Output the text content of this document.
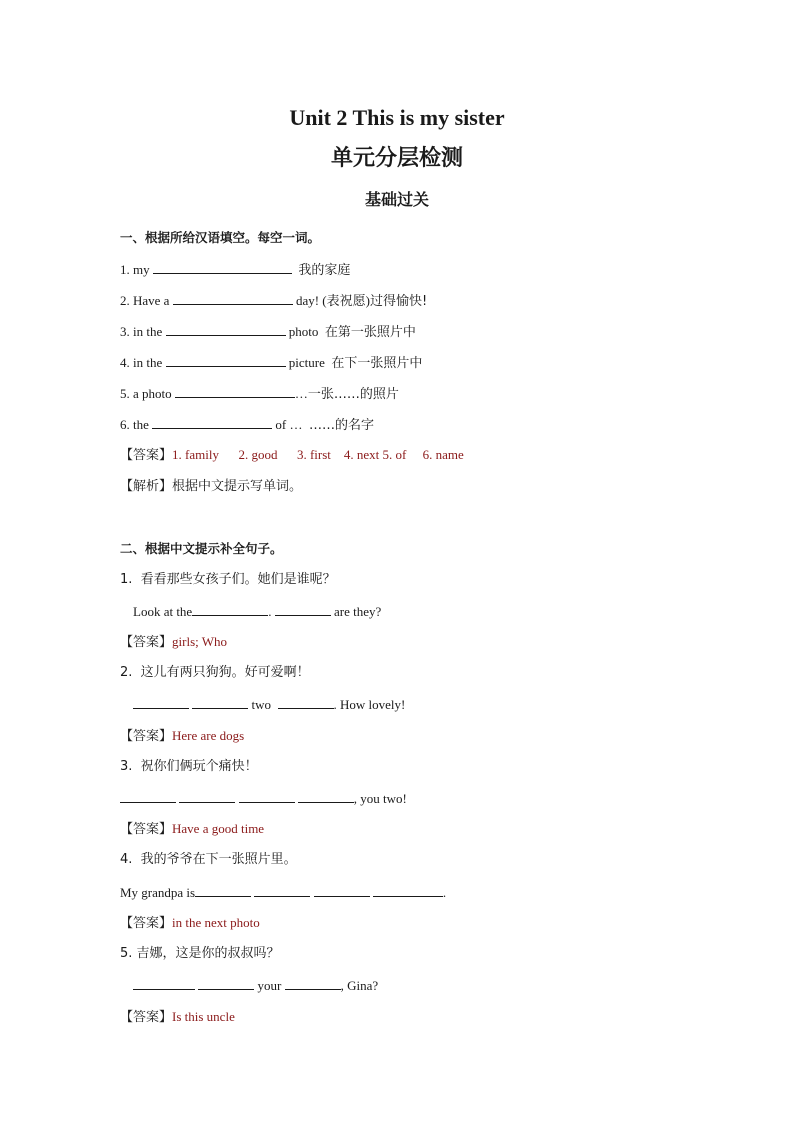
Unit 2 This is my sister
单元分层检测
基础过关
一、根据所给汉语填空。每空一词。
1. my	我的家庭
2. Have a	day! (表祝愿)过得愉快!
3. in the	photo  在第一张照片中
4. in the	picture  在下一张照片中
5. a photo	…一张……的照片
6. the	of …  ……的名字
【答案】1. family      2. good      3. first    4. next 5. of     6. name
【解析】根据中文提示写单词。
二、根据中文提示补全句子。
1.  看看那些女孩子们。她们是谁呢？
Look at the	.	are they?
【答案】girls; Who
2.  这儿有两只狗狗。好可爱啊！
two	. How lovely!
【答案】Here are dogs
3.  祝你们俩玩个痛快！
, you two!
【答案】Have a good time
4.  我的爷爷在下一张照片里。
My grandpa is	.
【答案】in the next photo
5. 吉娜，这是你的叔叔吗？
your	, Gina?
【答案】Is this uncle
